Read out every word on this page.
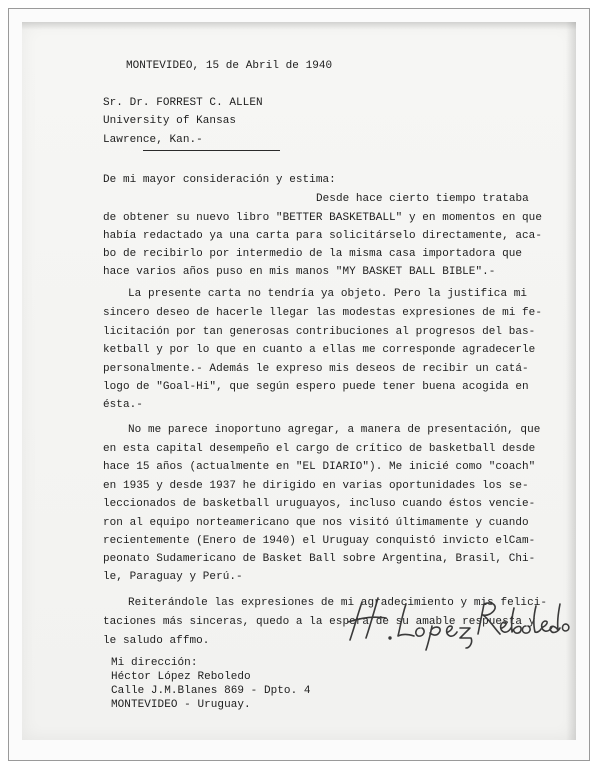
MONTEVIDEO, 15 de Abril de 1940
Sr. Dr. FORREST C. ALLEN
University of Kansas
Lawrence, Kan.-
De mi mayor consideración y estima:
Desde hace cierto tiempo trataba
de obtener su nuevo libro "BETTER BASKETBALL" y en momentos en que
había redactado ya una carta para solicitárselo directamente, aca-
bo de recibirlo por intermedio de la misma casa importadora que
hace varios años puso en mis manos "MY BASKET BALL BIBLE".-
La presente carta no tendría ya objeto. Pero la justifica mi
sincero deseo de hacerle llegar las modestas expresiones de mi fe-
licitación por tan generosas contribuciones al progresos del bas-
ketball y por lo que en cuanto a ellas me corresponde agradecerle
personalmente.- Además le expreso mis deseos de recibir un catá-
logo de "Goal-Hi", que según espero puede tener buena acogida en
ésta.-
No me parece inoportuno agregar, a manera de presentación, que
en esta capital desempeño el cargo de crítico de basketball desde
hace 15 años (actualmente en "EL DIARIO"). Me inicié como "coach"
en 1935 y desde 1937 he dirigido en varias oportunidades los se-
leccionados de basketball uruguayos, incluso cuando éstos vencie-
ron al equipo norteamericano que nos visitó últimamente y cuando
recientemente (Enero de 1940) el Uruguay conquistó invicto elCam-
peonato Sudamericano de Basket Ball sobre Argentina, Brasil, Chi-
le, Paraguay y Perú.-
Reiterándole las expresiones de mi agradecimiento y mis felici-
taciones más sinceras, quedo a la espera de su amable respuesta y
le saludo affmo.
Mi dirección:
Héctor López Reboledo
Calle J.M.Blanes 869 - Dpto. 4
MONTEVIDEO - Uruguay.
